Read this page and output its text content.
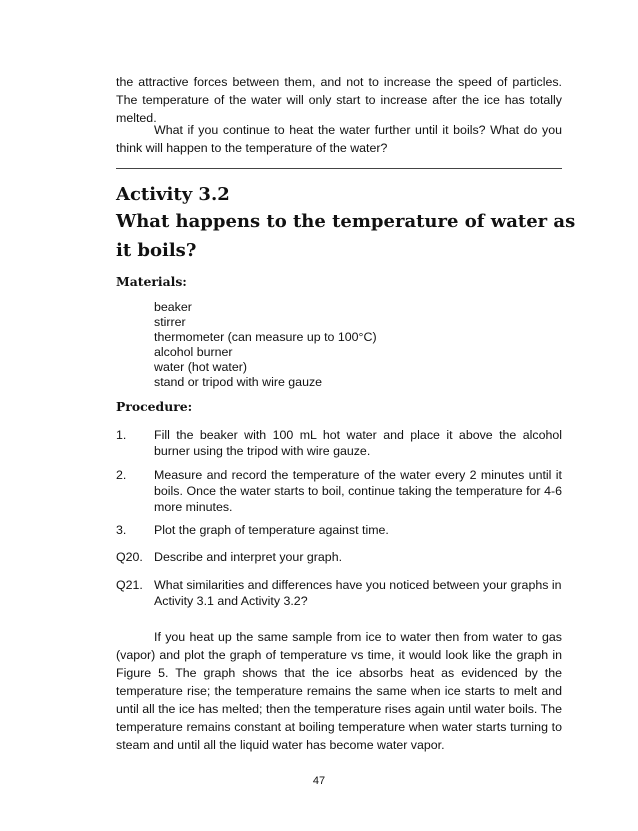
the attractive forces between them, and not to increase the speed of particles. The temperature of the water will only start to increase after the ice has totally melted.

What if you continue to heat the water further until it boils? What do you think will happen to the temperature of the water?

Activity 3.2
What happens to the temperature of water as it boils?
Materials:
beaker
stirrer
thermometer (can measure up to 100°C)
alcohol burner
water (hot water)
stand or tripod with wire gauze
Procedure:
1. Fill the beaker with 100 mL hot water and place it above the alcohol burner using the tripod with wire gauze.
2. Measure and record the temperature of the water every 2 minutes until it boils. Once the water starts to boil, continue taking the temperature for 4-6 more minutes.
3. Plot the graph of temperature against time.
Q20. Describe and interpret your graph.
Q21. What similarities and differences have you noticed between your graphs in Activity 3.1 and Activity 3.2?

If you heat up the same sample from ice to water then from water to gas (vapor) and plot the graph of temperature vs time, it would look like the graph in Figure 5. The graph shows that the ice absorbs heat as evidenced by the temperature rise; the temperature remains the same when ice starts to melt and until all the ice has melted; then the temperature rises again until water boils. The temperature remains constant at boiling temperature when water starts turning to steam and until all the liquid water has become water vapor.

47
